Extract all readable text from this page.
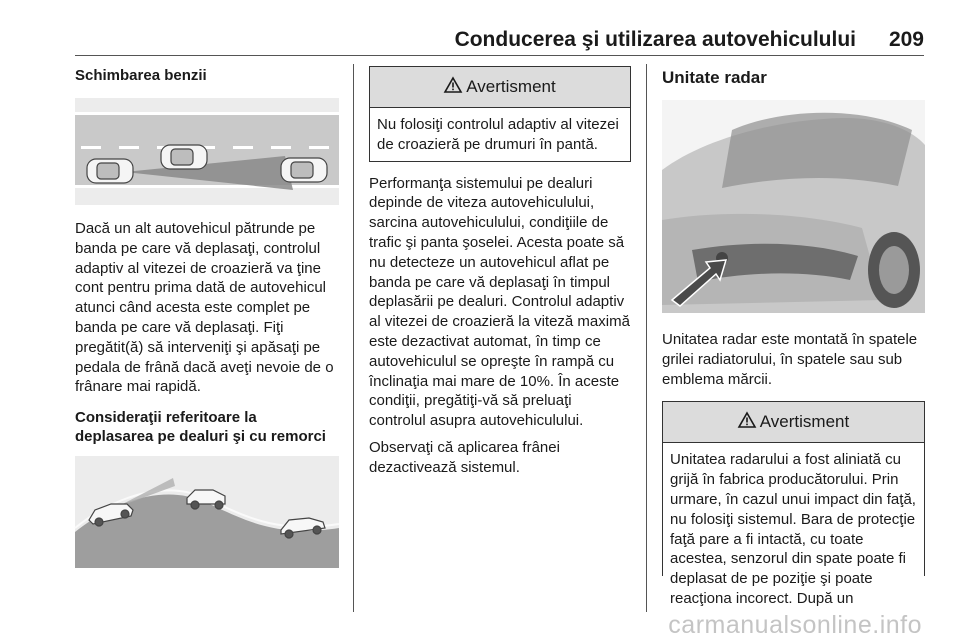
Conducerea şi utilizarea autovehiculului 209

Schimbarea benzii

Dacă un alt autovehicul pătrunde pe banda pe care vă deplasaţi, controlul adaptiv al vitezei de croazieră va ţine cont pentru prima dată de autovehicul atunci când acesta este complet pe banda pe care vă deplasaţi. Fiţi pregătit(ă) să interveniţi şi apăsaţi pe pedala de frână dacă aveţi nevoie de o frânare mai rapidă.

Consideraţii referitoare la deplasarea pe dealuri şi cu remorci

Avertisment
Nu folosiţi controlul adaptiv al vitezei de croazieră pe drumuri în pantă.

Performanţa sistemului pe dealuri depinde de viteza autovehiculului, sarcina autovehiculului, condiţiile de trafic şi panta şoselei. Acesta poate să nu detecteze un autovehicul aflat pe banda pe care vă deplasaţi în timpul deplasării pe dealuri. Controlul adaptiv al vitezei de croazieră la viteză maximă este dezactivat automat, în timp ce autovehiculul se opreşte în rampă cu înclinaţia mai mare de 10%. În aceste condiţii, pregătiţi-vă să preluaţi controlul asupra autovehiculului.

Observaţi că aplicarea frânei dezactivează sistemul.

Unitate radar

Unitatea radar este montată în spatele grilei radiatorului, în spatele sau sub emblema mărcii.

Avertisment
Unitatea radarului a fost aliniată cu grijă în fabrica producătorului. Prin urmare, în cazul unui impact din faţă, nu folosiţi sistemul. Bara de protecţie faţă pare a fi intactă, cu toate acestea, senzorul din spate poate fi deplasat de pe poziţie şi poate reacţiona incorect. După un
carmanualsonline.info
